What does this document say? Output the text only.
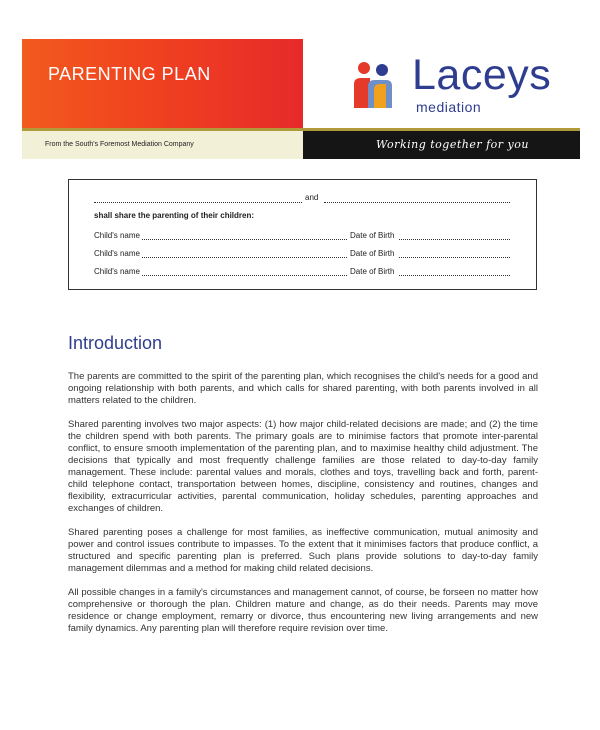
PARENTING PLAN	Laceys
mediation
From the South's Foremost Mediation Company	Working together for you
and
shall share the parenting of their children:
Child's name	Date of Birth
Child's name	Date of Birth
Child's name	Date of Birth
Introduction

The parents are committed to the spirit of the parenting plan, which recognises the child's needs for a good and ongoing relationship with both parents, and which calls for shared parenting, with both parents involved in all matters related to the children.

Shared parenting involves two major aspects: (1) how major child-related decisions are made; and (2) the time the children spend with both parents. The primary goals are to minimise factors that promote inter-parental conflict, to ensure smooth implementation of the parenting plan, and to maximise healthy child adjustment. The decisions that typically and most frequently challenge families are those related to day-to-day family management. These include: parental values and morals, clothes and toys, travelling back and forth, parent-child telephone contact, transportation between homes, discipline, consistency and routines, changes and flexibility, extracurricular activities, parental communication, holiday schedules, parenting approaches and exchanges of children.

Shared parenting poses a challenge for most families, as ineffective communication, mutual animosity and power and control issues contribute to impasses. To the extent that it minimises factors that produce conflict, a structured and specific parenting plan is preferred. Such plans provide solutions to day-to-day family management dilemmas and a method for making child related decisions.

All possible changes in a family's circumstances and management cannot, of course, be forseen no matter how comprehensive or thorough the plan. Children mature and change, as do their needs. Parents may move residence or change employment, remarry or divorce, thus encountering new living arrangements and new family dynamics. Any parenting plan will therefore require revision over time.
